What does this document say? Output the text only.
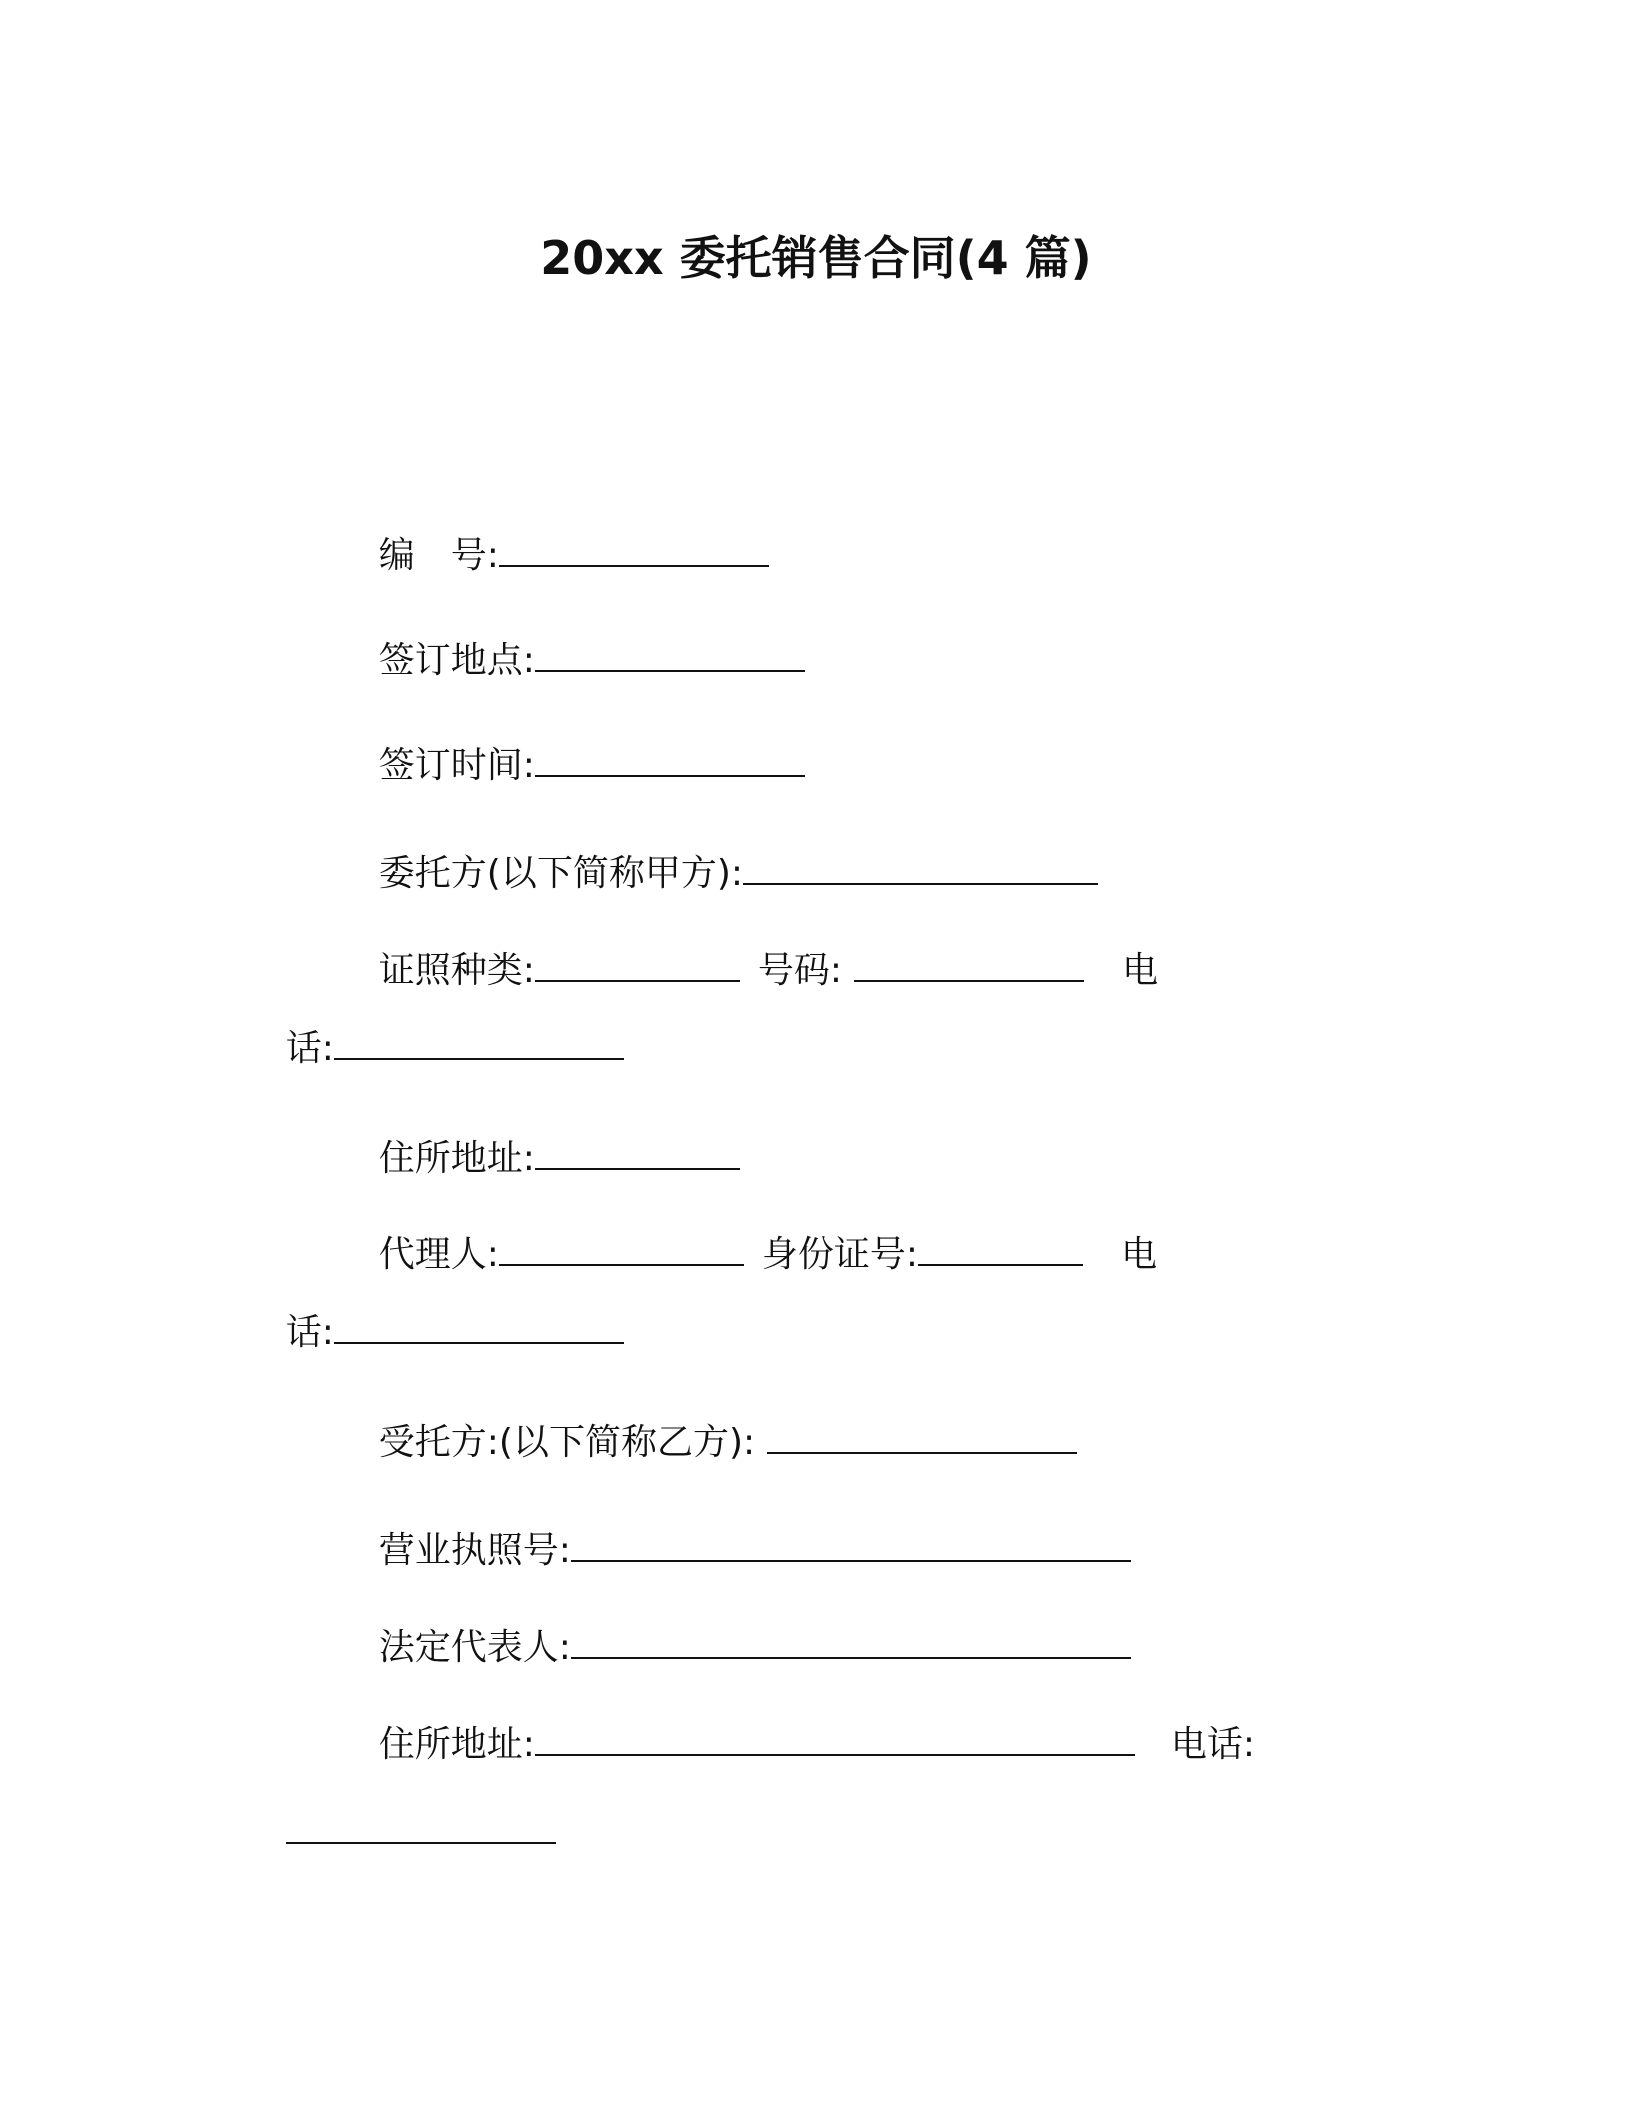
20xx 委托销售合同(4 篇)

编　号:

签订地点:

签订时间:

委托方(以下简称甲方):

证照种类:	号码:	电

话:

住所地址:

代理人:	身份证号:	电

话:

受托方:(以下简称乙方):

营业执照号:

法定代表人:

住所地址:	电话:
